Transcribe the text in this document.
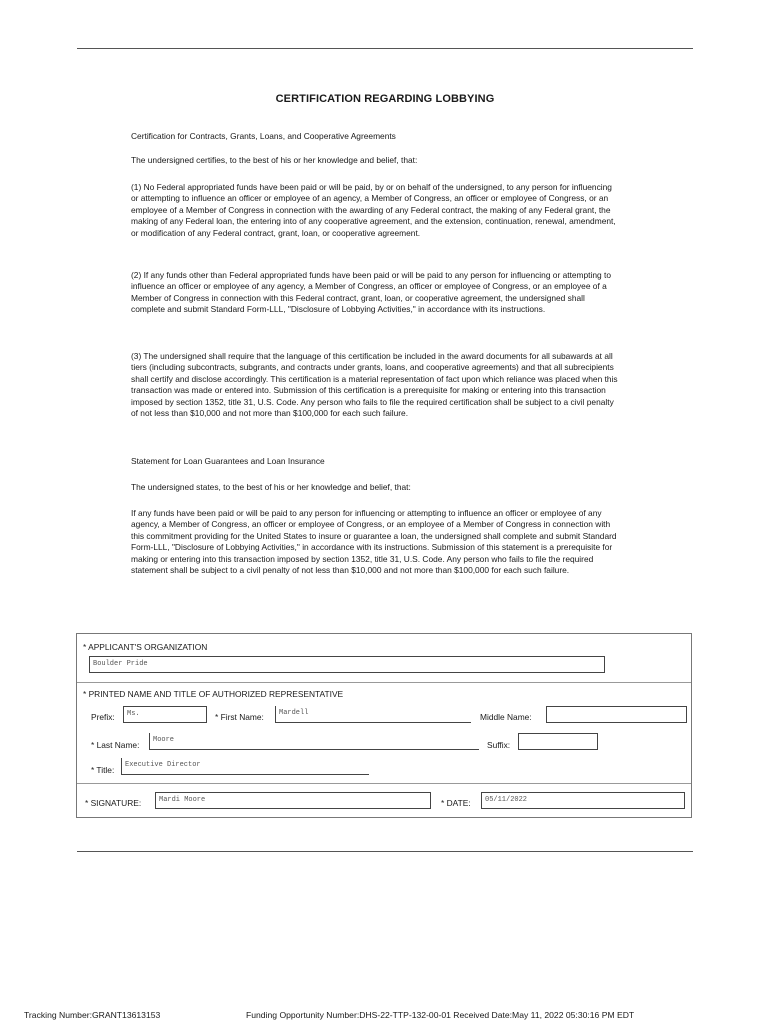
CERTIFICATION REGARDING LOBBYING

Certification for Contracts, Grants, Loans, and Cooperative Agreements

The undersigned certifies, to the best of his or her knowledge and belief, that:

(1) No Federal appropriated funds have been paid or will be paid, by or on behalf of the undersigned, to any person for influencing or attempting to influence an officer or employee of an agency, a Member of Congress, an officer or employee of Congress, or an employee of a Member of Congress in connection with the awarding of any Federal contract, the making of any Federal grant, the making of any Federal loan, the entering into of any cooperative agreement, and the extension, continuation, renewal, amendment, or modification of any Federal contract, grant, loan, or cooperative agreement.

(2) If any funds other than Federal appropriated funds have been paid or will be paid to any person for influencing or attempting to influence an officer or employee of any agency, a Member of Congress, an officer or employee of Congress, or an employee of a Member of Congress in connection with this Federal contract, grant, loan, or cooperative agreement, the undersigned shall complete and submit Standard Form-LLL, "Disclosure of Lobbying Activities," in accordance with its instructions.

(3) The undersigned shall require that the language of this certification be included in the award documents for all subawards at all tiers (including subcontracts, subgrants, and contracts under grants, loans, and cooperative agreements) and that all subrecipients shall certify and disclose accordingly. This certification is a material representation of fact upon which reliance was placed when this transaction was made or entered into. Submission of this certification is a prerequisite for making or entering into this transaction imposed by section 1352, title 31, U.S. Code. Any person who fails to file the required certification shall be subject to a civil penalty of not less than $10,000 and not more than $100,000 for each such failure.

Statement for Loan Guarantees and Loan Insurance

The undersigned states, to the best of his or her knowledge and belief, that:

If any funds have been paid or will be paid to any person for influencing or attempting to influence an officer or employee of any agency, a Member of Congress, an officer or employee of Congress, or an employee of a Member of Congress in connection with this commitment providing for the United States to insure or guarantee a loan, the undersigned shall complete and submit Standard Form-LLL, "Disclosure of Lobbying Activities," in accordance with its instructions. Submission of this statement is a prerequisite for making or entering into this transaction imposed by section 1352, title 31, U.S. Code. Any person who fails to file the required statement shall be subject to a civil penalty of not less than $10,000 and not more than $100,000 for each such failure.

* APPLICANT'S ORGANIZATION
Boulder Pride
* PRINTED NAME AND TITLE OF AUTHORIZED REPRESENTATIVE
Prefix:	Ms.	* First Name:	Mardell	Middle Name:
* Last Name:	Moore	Suffix:
* Title:	Executive Director
* SIGNATURE:	Mardi Moore	* DATE:	05/11/2022
Tracking Number:GRANT13613153	Funding Opportunity Number:DHS-22-TTP-132-00-01 Received Date:May 11, 2022 05:30:16 PM EDT
